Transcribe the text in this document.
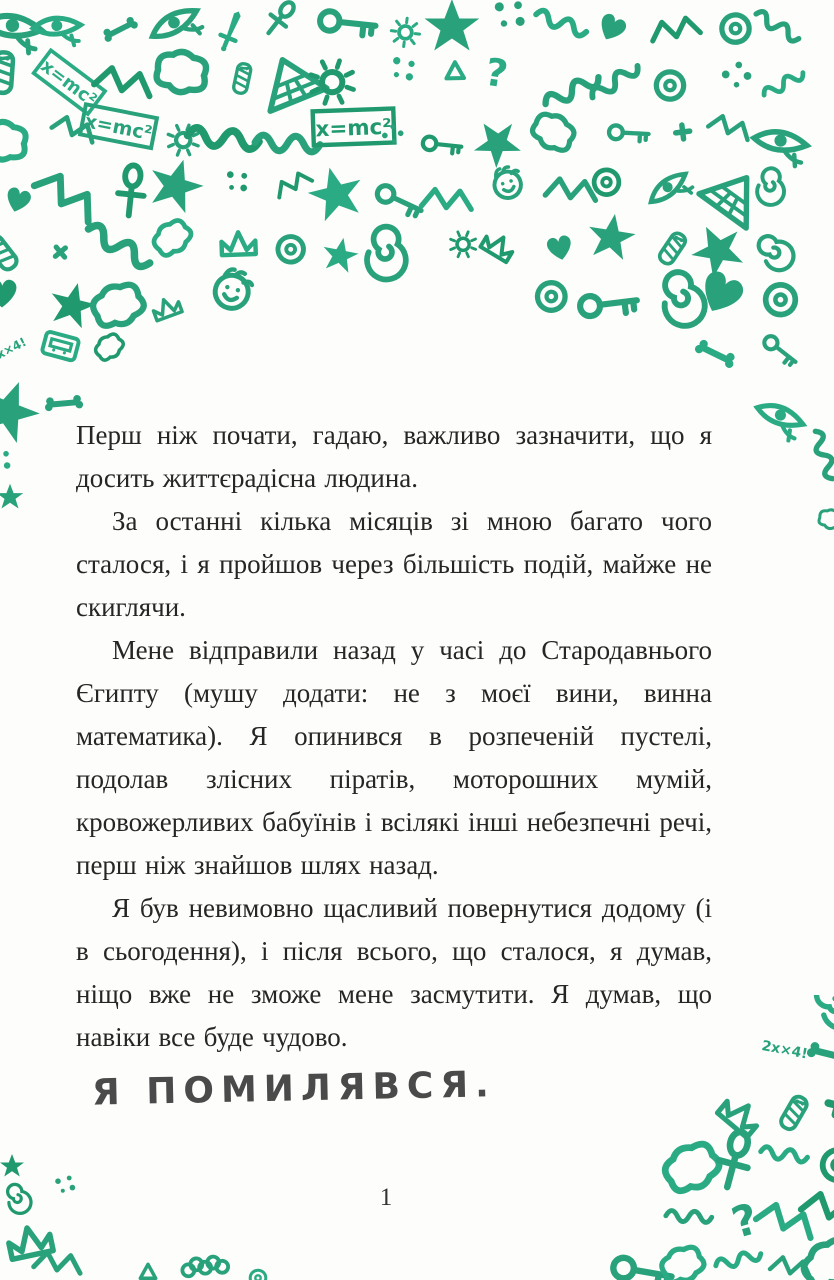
Перш ніж почати, гадаю, важливо зазначити, що я досить життєрадісна людина.

За останні кілька місяців зі мною багато чого сталося, і я пройшов через більшість подій, майже не скиглячи.

Мене відправили назад у часі до Стародавнього Єгипту (мушу додати: не з моєї вини, винна математика). Я опинився в розпеченій пустелі, подолав злісних піратів, моторошних мумій, кровожерливих бабуїнів і всілякі інші небезпечні речі, перш ніж знайшов шлях назад.

Я був невимовно щасливий повернутися додому (і в сьогодення), і після всього, що сталося, я думав, ніщо вже не зможе мене засмутити. Я думав, що навіки все буде чудово.

Я ПОМИЛЯВСЯ.
1
